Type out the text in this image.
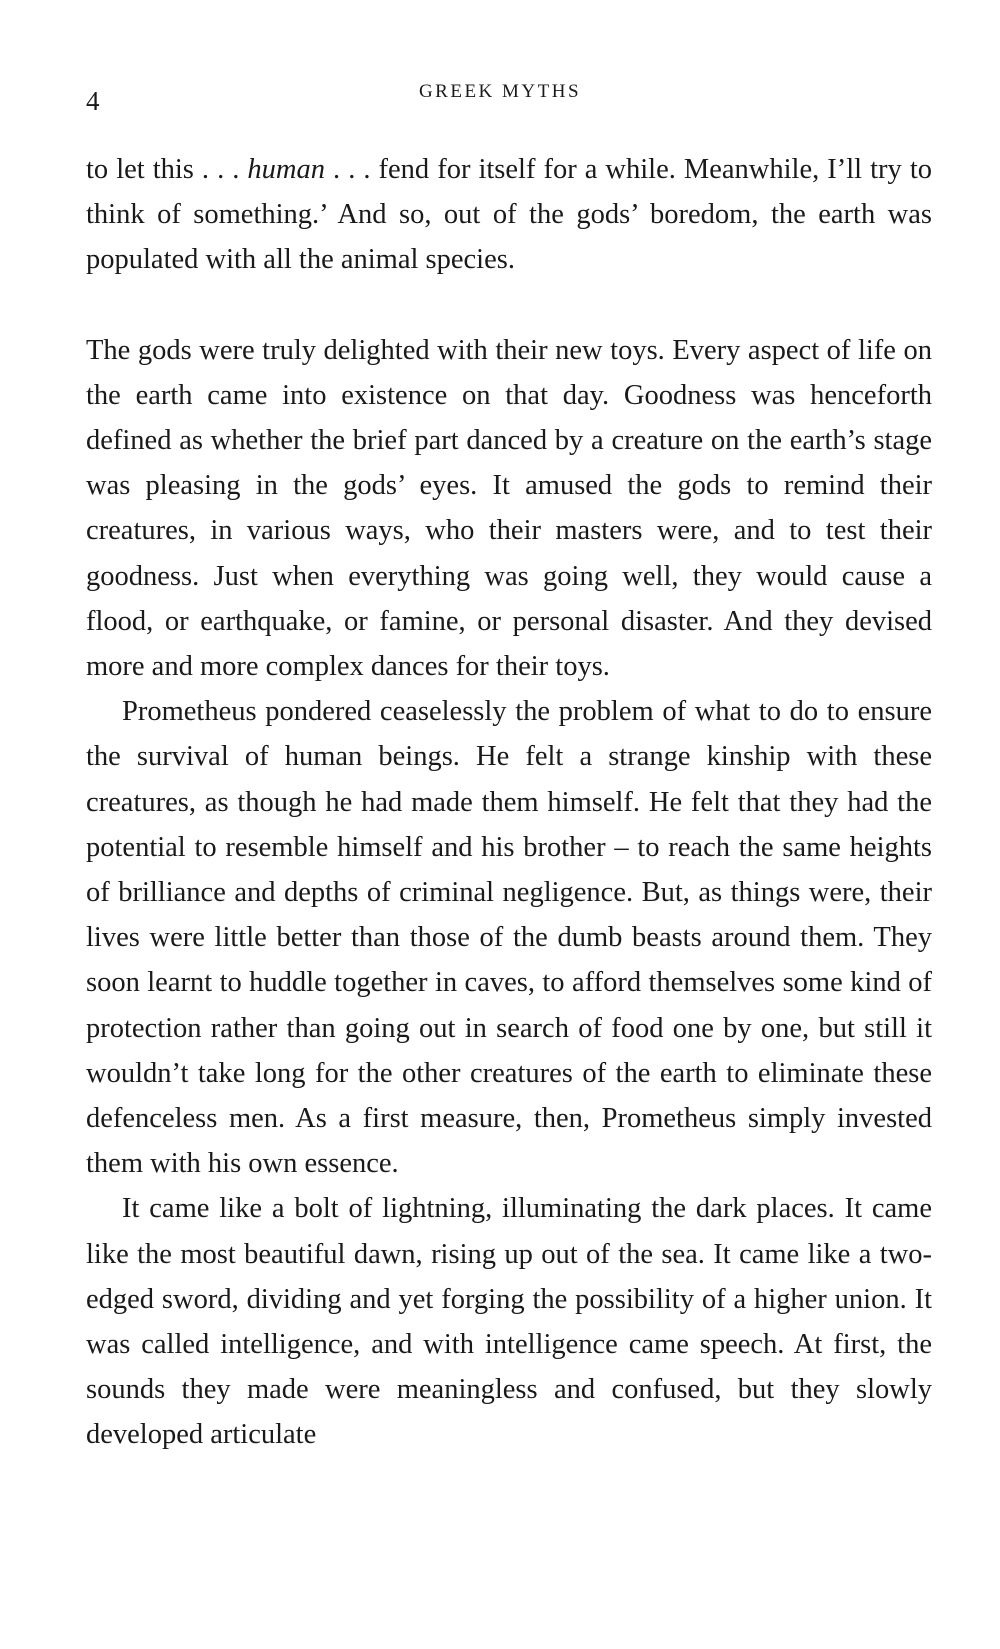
4	GREEK MYTHS

to let this . . . human . . . fend for itself for a while. Meanwhile, I’ll try to think of something.’ And so, out of the gods’ boredom, the earth was populated with all the animal species.

The gods were truly delighted with their new toys. Every aspect of life on the earth came into existence on that day. Goodness was henceforth defined as whether the brief part danced by a creature on the earth’s stage was pleasing in the gods’ eyes. It amused the gods to remind their creatures, in various ways, who their masters were, and to test their goodness. Just when everything was going well, they would cause a flood, or earthquake, or famine, or personal disaster. And they devised more and more complex dances for their toys.

Prometheus pondered ceaselessly the problem of what to do to ensure the survival of human beings. He felt a strange kinship with these creatures, as though he had made them himself. He felt that they had the potential to resemble himself and his brother – to reach the same heights of brilliance and depths of criminal negligence. But, as things were, their lives were little better than those of the dumb beasts around them. They soon learnt to huddle together in caves, to afford themselves some kind of protection rather than going out in search of food one by one, but still it wouldn’t take long for the other creatures of the earth to eliminate these defenceless men. As a first measure, then, Prometheus simply invested them with his own essence.

It came like a bolt of lightning, illuminating the dark places. It came like the most beautiful dawn, rising up out of the sea. It came like a two-edged sword, dividing and yet forging the possibility of a higher union. It was called intelligence, and with intelligence came speech. At first, the sounds they made were meaningless and confused, but they slowly developed articulate
